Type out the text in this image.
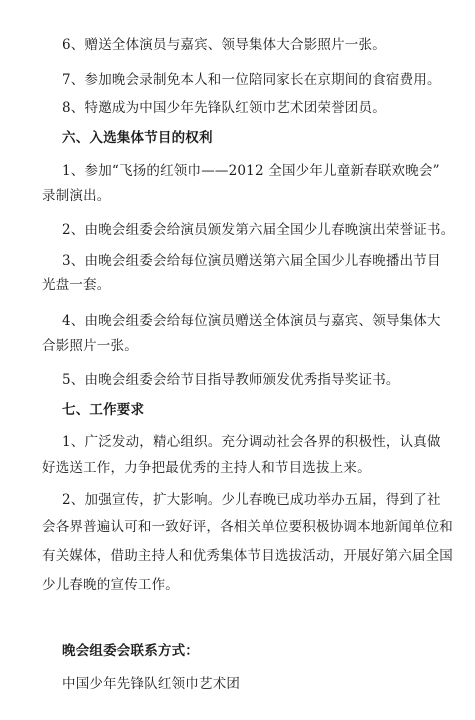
6、赠送全体演员与嘉宾、领导集体大合影照片一张。
7、参加晚会录制免本人和一位陪同家长在京期间的食宿费用。
8、特邀成为中国少年先锋队红领巾艺术团荣誉团员。
六、入选集体节目的权利
1、参加“飞扬的红领巾——2012 全国少年儿童新春联欢晚会”
录制演出。
2、由晚会组委会给演员颁发第六届全国少儿春晚演出荣誉证书。
3、由晚会组委会给每位演员赠送第六届全国少儿春晚播出节目
光盘一套。
4、由晚会组委会给每位演员赠送全体演员与嘉宾、领导集体大
合影照片一张。
5、由晚会组委会给节目指导教师颁发优秀指导奖证书。
七、工作要求
1、广泛发动，精心组织。充分调动社会各界的积极性，认真做
好选送工作，力争把最优秀的主持人和节目选拔上来。
2、加强宣传，扩大影响。少儿春晚已成功举办五届，得到了社
会各界普遍认可和一致好评，各相关单位要积极协调本地新闻单位和
有关媒体，借助主持人和优秀集体节目选拔活动，开展好第六届全国
少儿春晚的宣传工作。
晚会组委会联系方式：
中国少年先锋队红领巾艺术团
